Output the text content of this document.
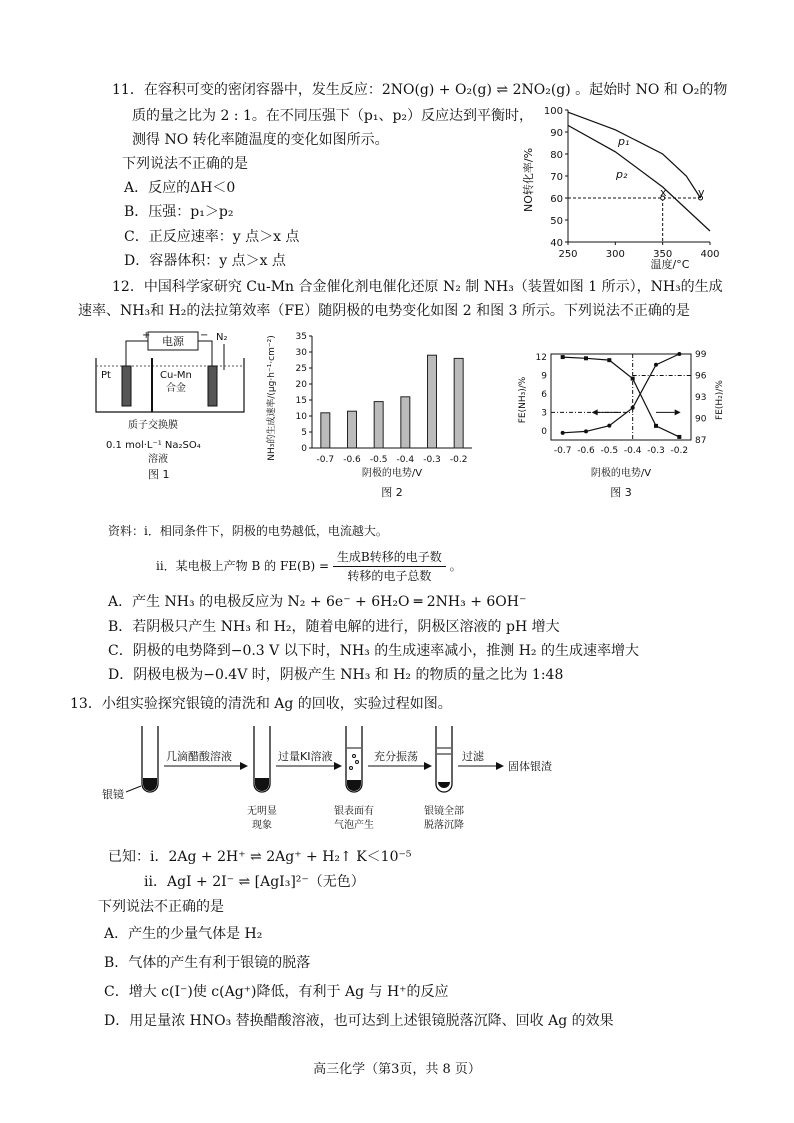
11．在容积可变的密闭容器中，发生反应：2NO(g) + O₂(g) ⇌ 2NO₂(g) 。起始时 NO 和 O₂的物
质的量之比为 2 : 1。在不同压强下（p₁、p₂）反应达到平衡时，
测得 NO 转化率随温度的变化如图所示。
下列说法不正确的是
A．反应的ΔH＜0
B．压强：p₁＞p₂
C．正反应速率：y 点＞x 点
D．容器体积：y 点＞x 点
NO转化率/%
100
90
80
70
60
50
40
250	300	350	400
p₁
p₂
x	y
温度/°C
12．中国科学家研究 Cu-Mn 合金催化剂电催化还原 N₂ 制 NH₃（装置如图 1 所示），NH₃的生成
速率、NH₃和 H₂的法拉第效率（FE）随阴极的电势变化如图 2 和图 3 所示。下列说法不正确的是
电源
+	− N₂
Pt	Cu-Mn
合金
质子交换膜
0.1 mol·L⁻¹ Na₂SO₄
溶液
图 1
NH₃的生成速率/(μg·h⁻¹·cm⁻²) 35
30
25
20
15
10
5
0
-0.7 -0.6 -0.5 -0.4 -0.3 -0.2
阴极的电势/V
图 2
FE(NH₃)/%	FE(H₂)/%
12
9
6
3
0
99
96
93
90
87
-0.7 -0.6 -0.5 -0.4 -0.3 -0.2
阴极的电势/V
图 3
资料：ⅰ．相同条件下，阴极的电势越低，电流越大。
ⅱ．某电极上产物 B 的 $FE(B) = \frac{\text{生成B转移的电子数}}{\text{转移的电子总数}}$ 。
A．产生 NH₃ 的电极反应为 N₂ + 6e⁻ + 6H₂O ═ 2NH₃ + 6OH⁻
B．若阴极只产生 NH₃ 和 H₂，随着电解的进行，阴极区溶液的 pH 增大
C．阴极的电势降到−0.3 V 以下时，NH₃ 的生成速率减小，推测 H₂ 的生成速率增大
D．阴极电极为−0.4V 时，阴极产生 NH₃ 和 H₂ 的物质的量之比为 1:48
13．小组实验探究银镜的清洗和 Ag 的回收，实验过程如图。
银镜
几滴醋酸溶液
无明显
现象
过量KI溶液
银表面有
气泡产生
充分振荡
银镜全部
脱落沉降
过滤
固体银渣
已知：ⅰ．2Ag + 2H⁺ ⇌ 2Ag⁺ + H₂↑ K＜10⁻⁵
ⅱ．AgI + 2I⁻ ⇌ [AgI₃]²⁻（无色）
下列说法不正确的是
A．产生的少量气体是 H₂
B．气体的产生有利于银镜的脱落
C．增大 c(I⁻)使 c(Ag⁺)降低，有利于 Ag 与 H⁺的反应
D．用足量浓 HNO₃ 替换醋酸溶液，也可达到上述银镜脱落沉降、回收 Ag 的效果
高三化学（第3页，共 8 页）
